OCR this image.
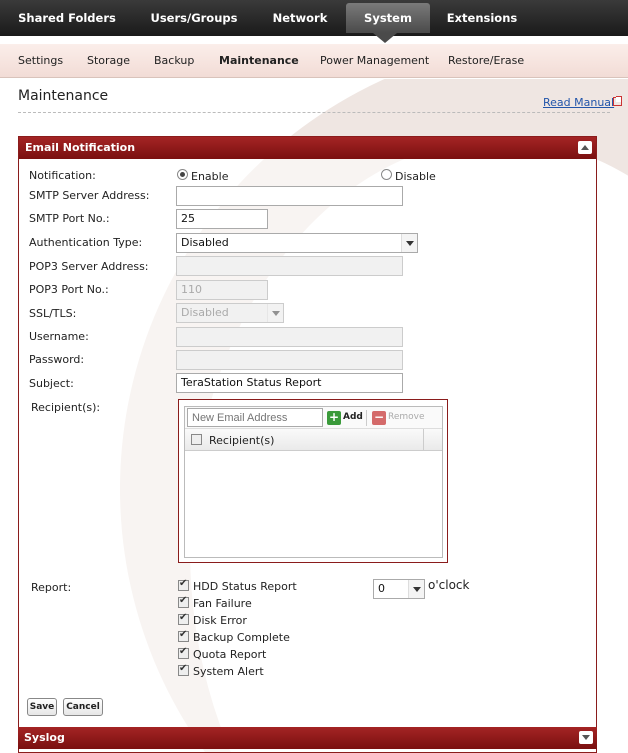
Shared Folders	Users/Groups	Network	System	Extensions
Settings Storage Backup Maintenance Power Management Restore/Erase
Maintenance	Read Manual
Email Notification
Notification:	Enable	Disable
SMTP Server Address:
SMTP Port No.:	25
Authentication Type:	Disabled
POP3 Server Address:
POP3 Port No.:	110
SSL/TLS:	Disabled
Username:
Password:
Subject:	TeraStation Status Report
Recipient(s):
New Email Address
+ Add − Remove
Recipient(s)
Report:
✔	HDD Status Report
✔
Fan Failure
✔
Disk Error
✔
Backup Complete
✔
Quota Report
✔
System Alert
0	o'clock
Save	Cancel
Syslog
